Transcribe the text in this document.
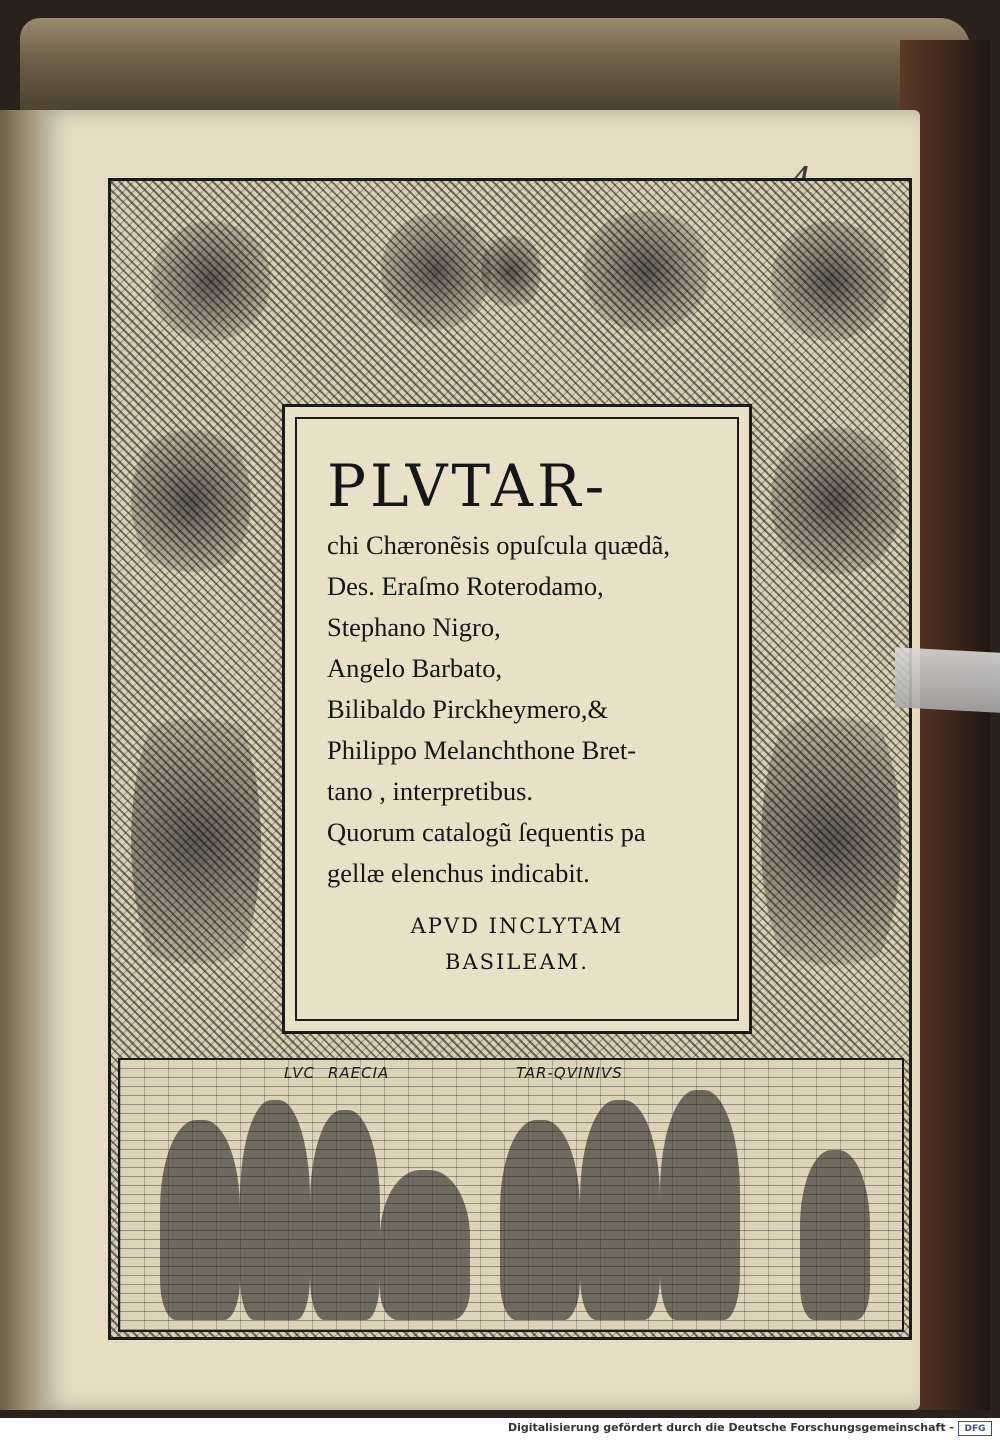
LVC RAECIA	TAR-QVINIVS

PLVTAR-

chi Chæronẽsis opuſcula quædã,

Des. Eraſmo Roterodamo,

Stephano Nigro,

Angelo Barbato,

Bilibaldo Pirckheymero,&

Philippo Melanchthone Bret-

tano , interpretibus.

Quorum catalogũ ſequentis pa

gellæ elenchus indicabit.

APVD INCLYTAM

BASILEAM.

Digitalisierung gefördert durch die Deutsche Forschungsgemeinschaft -	DFG
